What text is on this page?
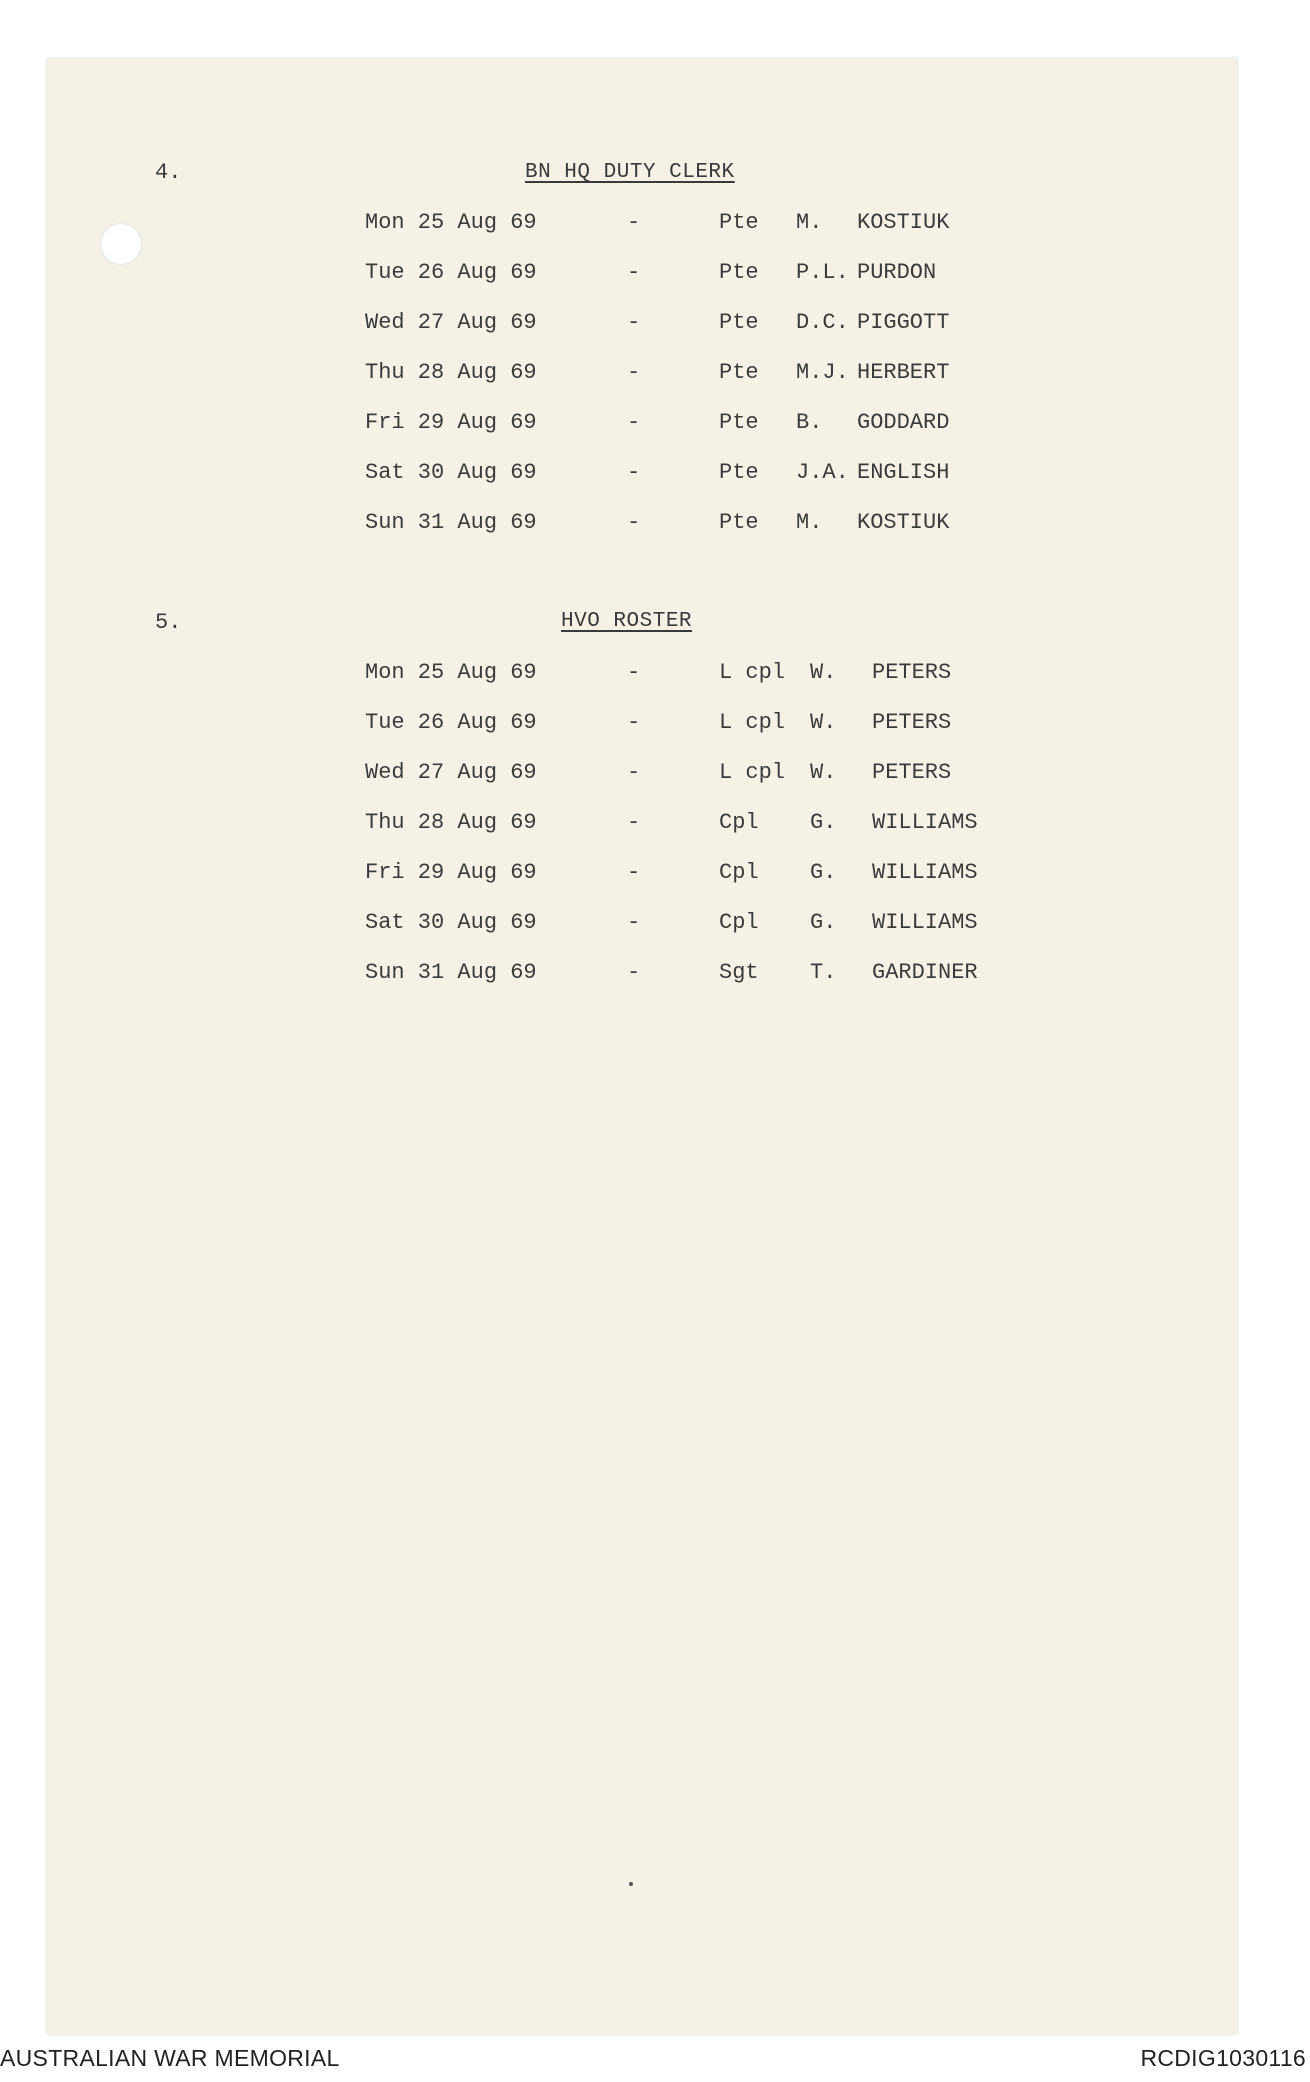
4.	BN HQ DUTY CLERK
Mon 25 Aug 69	-	Pte M. KOSTIUK
Tue 26 Aug 69	-	Pte P.L. PURDON
Wed 27 Aug 69	-	Pte D.C. PIGGOTT
Thu 28 Aug 69	-	Pte M.J. HERBERT
Fri 29 Aug 69	-	Pte B. GODDARD
Sat 30 Aug 69	-	Pte J.A. ENGLISH
Sun 31 Aug 69	-	Pte M. KOSTIUK
5.	HVO ROSTER
Mon 25 Aug 69	-	L cpl W. PETERS
Tue 26 Aug 69	-	L cpl W. PETERS
Wed 27 Aug 69	-	L cpl W. PETERS
Thu 28 Aug 69	-	Cpl G. WILLIAMS
Fri 29 Aug 69	-	Cpl G. WILLIAMS
Sat 30 Aug 69	-	Cpl G. WILLIAMS
Sun 31 Aug 69	-	Sgt T. GARDINER
AUSTRALIAN WAR MEMORIAL	RCDIG1030116
